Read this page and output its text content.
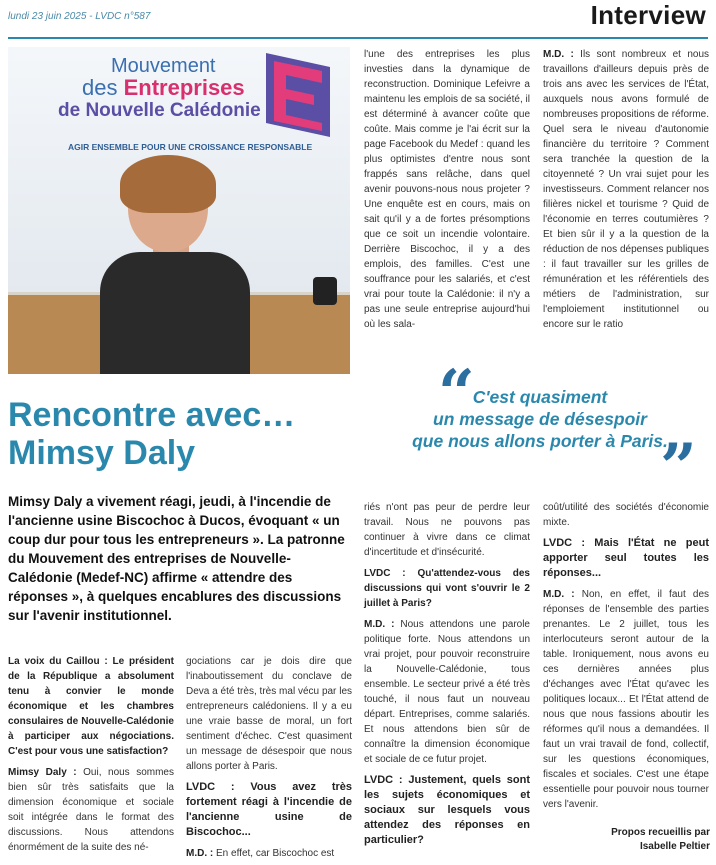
lundi 23 juin 2025 - LVDC n°587	Interview
Mouvement
des Entreprises
de Nouvelle Calédonie
AGIR ENSEMBLE POUR UNE CROISSANCE RESPONSABLE
Rencontre avec…
Mimsy Daly
“
C'est quasiment
un message de désespoir
que nous allons porter à Paris.
”

l'une des entreprises les plus investies dans la dynamique de reconstruction. Dominique Lefeivre a maintenu les emplois de sa société, il est déterminé à avancer coûte que coûte. Mais comme je l'ai écrit sur la page Facebook du Medef : quand les plus optimistes d'entre nous sont frappés sans relâche, dans quel avenir pouvons-nous nous projeter ? Une enquête est en cours, mais on sait qu'il y a de fortes présomptions que ce soit un incendie volontaire. Derrière Biscochoc, il y a des emplois, des familles. C'est une souffrance pour les salariés, et c'est vrai pour toute la Calédonie: il n'y a pas une seule entreprise aujourd'hui où les sala-

M.D. : Ils sont nombreux et nous travaillons d'ailleurs depuis près de trois ans avec les services de l'État, auxquels nous avons formulé de nombreuses propositions de réforme. Quel sera le niveau d'autonomie financière du territoire ? Comment sera tranchée la question de la citoyenneté ? Un vrai sujet pour les investisseurs. Comment relancer nos filières nickel et tourisme ? Quid de l'économie en terres coutumières ? Et bien sûr il y a la question de la réduction de nos dépenses publiques : il faut travailler sur les grilles de rémunération et les référentiels des métiers de l'administration, sur l'emploiement institutionnel ou encore sur le ratio

Mimsy Daly a vivement réagi, jeudi, à l'incendie de l'ancienne usine Biscochoc à Ducos, évoquant « un coup dur pour tous les entrepreneurs ». La patronne du Mouvement des entreprises de Nouvelle-Calédonie (Medef-NC) affirme « attendre des réponses », à quelques encablures des discussions sur l'avenir institutionnel.

La voix du Caillou : Le président de la République a absolument tenu à convier le monde économique et les chambres consulaires de Nouvelle-Calédonie à participer aux négociations. C'est pour vous une satisfaction?

Mimsy Daly : Oui, nous sommes bien sûr très satisfaits que la dimension économique et sociale soit intégrée dans le format des discussions. Nous attendons énormément de la suite des né-

gociations car je dois dire que l'inaboutissement du conclave de Deva a été très, très mal vécu par les entrepreneurs calédoniens. Il y a eu une vraie basse de moral, un fort sentiment d'échec. C'est quasiment un message de désespoir que nous allons porter à Paris.

LVDC : Vous avez très fortement réagi à l'incendie de l'ancienne usine de Biscochoc...

M.D. : En effet, car Biscochoc est

riés n'ont pas peur de perdre leur travail. Nous ne pouvons pas continuer à vivre dans ce climat d'incertitude et d'insécurité.

LVDC : Qu'attendez-vous des discussions qui vont s'ouvrir le 2 juillet à Paris?

M.D. : Nous attendons une parole politique forte. Nous attendons un vrai projet, pour pouvoir reconstruire la Nouvelle-Calédonie, tous ensemble. Le secteur privé a été très touché, il nous faut un nouveau départ. Entreprises, comme salariés. Et nous attendons bien sûr de connaître la dimension économique et sociale de ce futur projet.

LVDC : Justement, quels sont les sujets économiques et sociaux sur lesquels vous attendez des réponses en particulier?

coût/utilité des sociétés d'économie mixte.

LVDC : Mais l'État ne peut apporter seul toutes les réponses...

M.D. : Non, en effet, il faut des réponses de l'ensemble des parties prenantes. Le 2 juillet, tous les interlocuteurs seront autour de la table. Ironiquement, nous avons eu ces dernières années plus d'échanges avec l'État qu'avec les politiques locaux... Et l'État attend de nous que nous fassions aboutir les réformes qu'il nous a demandées. Il faut un vrai travail de fond, collectif, sur les questions économiques, fiscales et sociales. C'est une étape essentielle pour pouvoir nous tourner vers l'avenir.

Propos recueillis par
Isabelle Peltier
